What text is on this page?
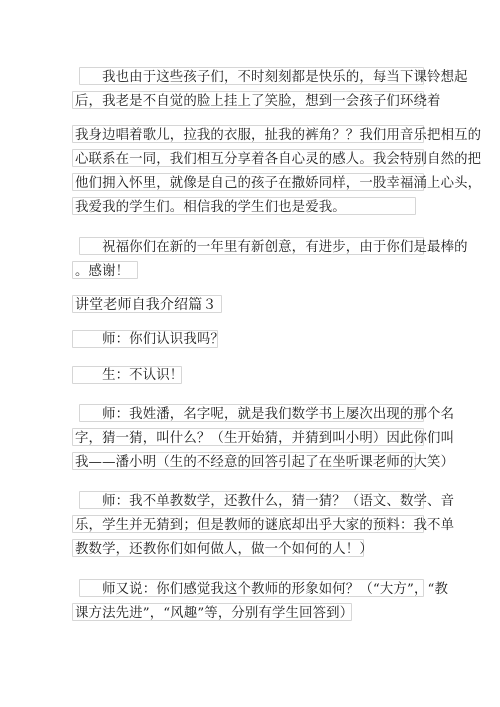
　　我也由于这些孩子们，不时刻刻都是快乐的，每当下课铃想起
后，我老是不自觉的脸上挂上了笑脸，想到一会孩子们环绕着
我身边唱着歌儿，拉我的衣服，扯我的裤角？？我们用音乐把相互的
心联系在一同，我们相互分享着各自心灵的感人。我会特别自然的把
他们拥入怀里，就像是自己的孩子在撒娇同样，一股幸福涌上心头，
我爱我的学生们。相信我的学生们也是爱我。
　　祝福你们在新的一年里有新创意，有进步，由于你们是最棒的
。感谢！
讲堂老师自我介绍篇３
　　师：你们认识我吗？
　　生：不认识！
　　师：我姓潘，名字呢，就是我们数学书上屡次出现的那个名
字，猜一猜，叫什么？（生开始猜，并猜到叫小明）因此你们叫
我——潘小明（生的不经意的回答引起了在坐听课老师的大笑）
　　师：我不单教数学，还教什么，猜一猜？（语文、数学、音
乐，学生并无猜到；但是教师的谜底却出乎大家的预料：我不单
教数学，还教你们如何做人，做一个如何的人！）
　　师又说：你们感觉我这个教师的形象如何？（“大方”，“教
课方法先进”，“风趣”等，分别有学生回答到）
